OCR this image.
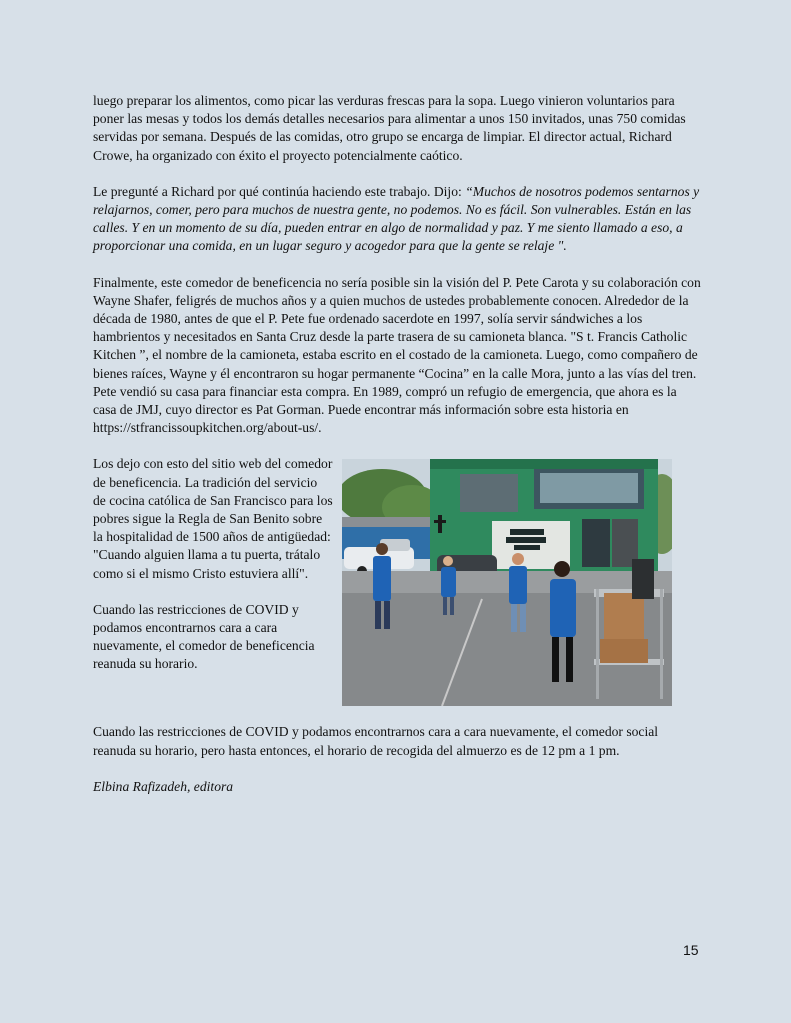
luego preparar los alimentos, como picar las verduras frescas para la sopa. Luego vinieron voluntarios para poner las mesas y todos los demás detalles necesarios para alimentar a unos 150 invitados, unas 750 comidas servidas por semana. Después de las comidas, otro grupo se encarga de limpiar. El director actual, Richard Crowe, ha organizado con éxito el proyecto potencialmente caótico.

Le pregunté a Richard por qué continúa haciendo este trabajo. Dijo: “Muchos de nosotros podemos sentarnos y relajarnos, comer, pero para muchos de nuestra gente, no podemos. No es fácil. Son vulnerables. Están en las calles. Y en un momento de su día, pueden entrar en algo de normalidad y paz. Y me siento llamado a eso, a proporcionar una comida, en un lugar seguro y acogedor para que la gente se relaje ".

Finalmente, este comedor de beneficencia no sería posible sin la visión del P. Pete Carota y su colaboración con Wayne Shafer, feligrés de muchos años y a quien muchos de ustedes probablemente conocen. Alrededor de la década de 1980, antes de que el P. Pete fue ordenado sacerdote en 1997, solía servir sándwiches a los hambrientos y necesitados en Santa Cruz desde la parte trasera de su camioneta blanca. "S t. Francis Catholic Kitchen ”, el nombre de la camioneta, estaba escrito en el costado de la camioneta. Luego, como compañero de bienes raíces, Wayne y él encontraron su hogar permanente “Cocina” en la calle Mora, junto a las vías del tren. Pete vendió su casa para financiar esta compra. En 1989, compró un refugio de emergencia, que ahora es la casa de JMJ, cuyo director es Pat Gorman. Puede encontrar más información sobre esta historia en https://stfrancissoupkitchen.org/about-us/.

Los dejo con esto del sitio web del comedor de beneficencia. La tradición del servicio de cocina católica de San Francisco para los pobres sigue la Regla de San Benito sobre la hospitalidad de 1500 años de antigüedad: "Cuando alguien llama a tu puerta, trátalo como si el mismo Cristo estuviera allí".

Cuando las restricciones de COVID y podamos encontrarnos cara a cara nuevamente, el comedor de beneficencia reanuda su horario.

Cuando las restricciones de COVID y podamos encontrarnos cara a cara nuevamente, el comedor social reanuda su horario, pero hasta entonces, el horario de recogida del almuerzo es de 12 pm a 1 pm.

Elbina Rafizadeh, editora

15
